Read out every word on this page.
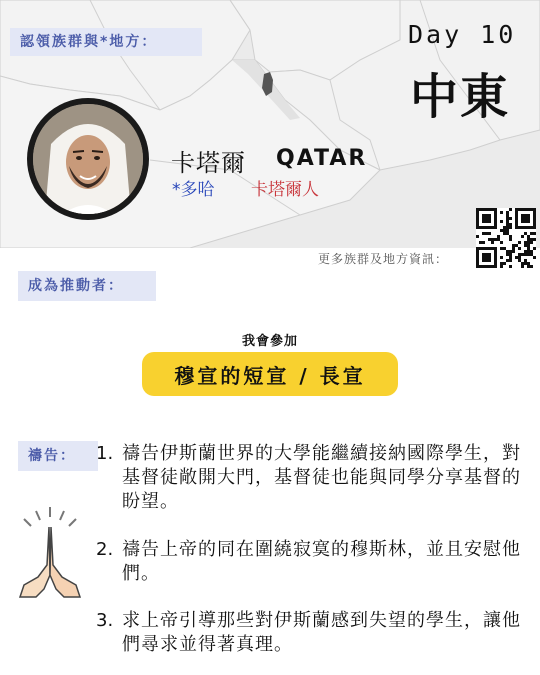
認領族群與*地方：	Day 10
中東
卡塔爾 QATAR
*多哈 卡塔爾人
更多族群及地方資訊：
成為推動者：
我會參加
穆宣的短宣 / 長宣
禱告：	1. 禱告伊斯蘭世界的大學能繼續接納國際學生，對基督徒敞開大門，基督徒也能與同學分享基督的盼望。
2. 禱告上帝的同在圍繞寂寞的穆斯林，並且安慰他們。
3. 求上帝引導那些對伊斯蘭感到失望的學生，讓他們尋求並得著真理。
